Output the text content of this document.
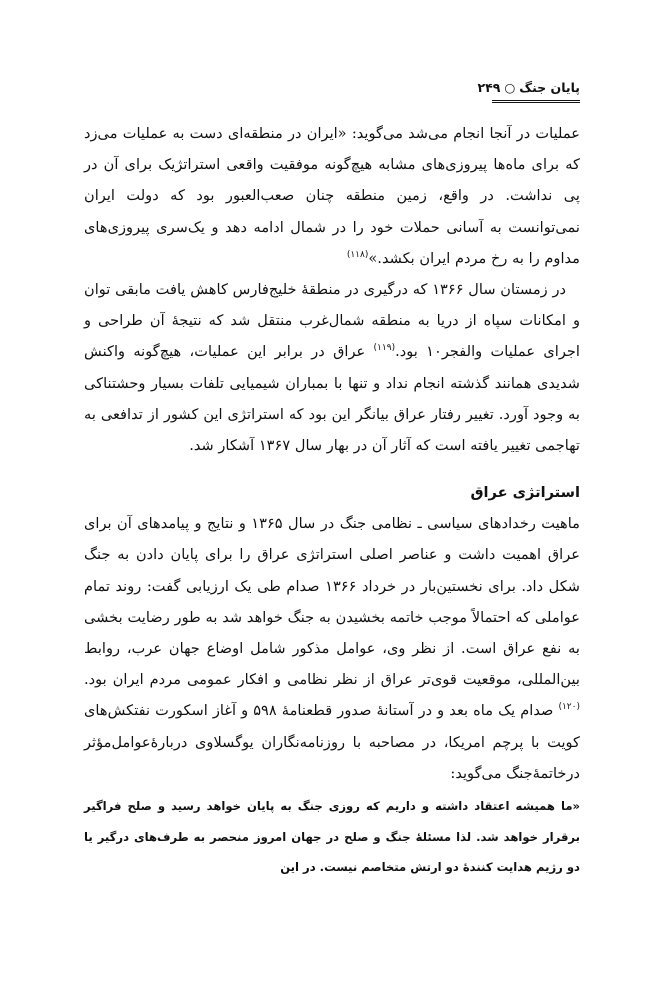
پایان جنگ○۲۴۹

عملیات در آنجا انجام می‌شد می‌گوید: «ایران در منطقه‌ای دست به عملیات می‌زد که برای ماه‌ها پیروزی‌های مشابه هیچ‌گونه موفقیت واقعی استراتژیک برای آن در پی نداشت. در واقع، زمین منطقه چنان صعب‌العبور بود که دولت ایران نمی‌توانست به آسانی حملات خود را در شمال ادامه دهد و یک‌سری پیروزی‌های مداوم را به رخ مردم ایران بکشد.»$^{(۱۱۸)}$

در زمستان سال ۱۳۶۶ که درگیری در منطقهٔ خلیج‌فارس کاهش یافت مابقی توان و امکانات سپاه از دریا به منطقه شمال‌غرب منتقل شد که نتیجهٔ آن طراحی و اجرای عملیات والفجر۱۰ بود.$^{(۱۱۹)}$ عراق در برابر این عملیات، هیچ‌گونه واکنش شدیدی همانند گذشته انجام نداد و تنها با بمباران شیمیایی تلفات بسیار وحشتناکی به وجود آورد. تغییر رفتار عراق بیانگر این بود که استراتژی این کشور از تدافعی به تهاجمی تغییر یافته است که آثار آن در بهار سال ۱۳۶۷ آشکار شد.

استراتژی عراق

ماهیت رخدادهای سیاسی ـ نظامی جنگ در سال ۱۳۶۵ و نتایج و پیامدهای آن برای عراق اهمیت داشت و عناصر اصلی استراتژی عراق را برای پایان دادن به جنگ شکل داد. برای نخستین‌بار در خرداد ۱۳۶۶ صدام طی یک ارزیابی گفت: روند تمام عواملی که احتمالاً موجب خاتمه بخشیدن به جنگ خواهد شد به طور رضایت بخشی به نفع عراق است. از نظر وی، عوامل مذکور شامل اوضاع جهان عرب، روابط بین‌المللی، موقعیت قوی‌تر عراق از نظر نظامی و افکار عمومی مردم ایران بود.$^{(۱۲۰)}$ صدام یک ماه بعد و در آستانهٔ صدور قطعنامهٔ ۵۹۸ و آغاز اسکورت نفتکش‌های کویت با پرچم امریکا، در مصاحبه با روزنامه‌نگاران یوگسلاوی دربارهٔ‌عوامل‌مؤثر درخاتمهٔ‌جنگ می‌گوید:

«ما همیشه اعتقاد داشته و داریم که روزی جنگ به پایان خواهد رسید و صلح فراگیر برقرار خواهد شد. لذا مسئلهٔ جنگ و صلح در جهان امروز منحصر به طرف‌های درگیر یا دو رژیم هدایت کنندهٔ دو ارتش متخاصم نیست. در این
